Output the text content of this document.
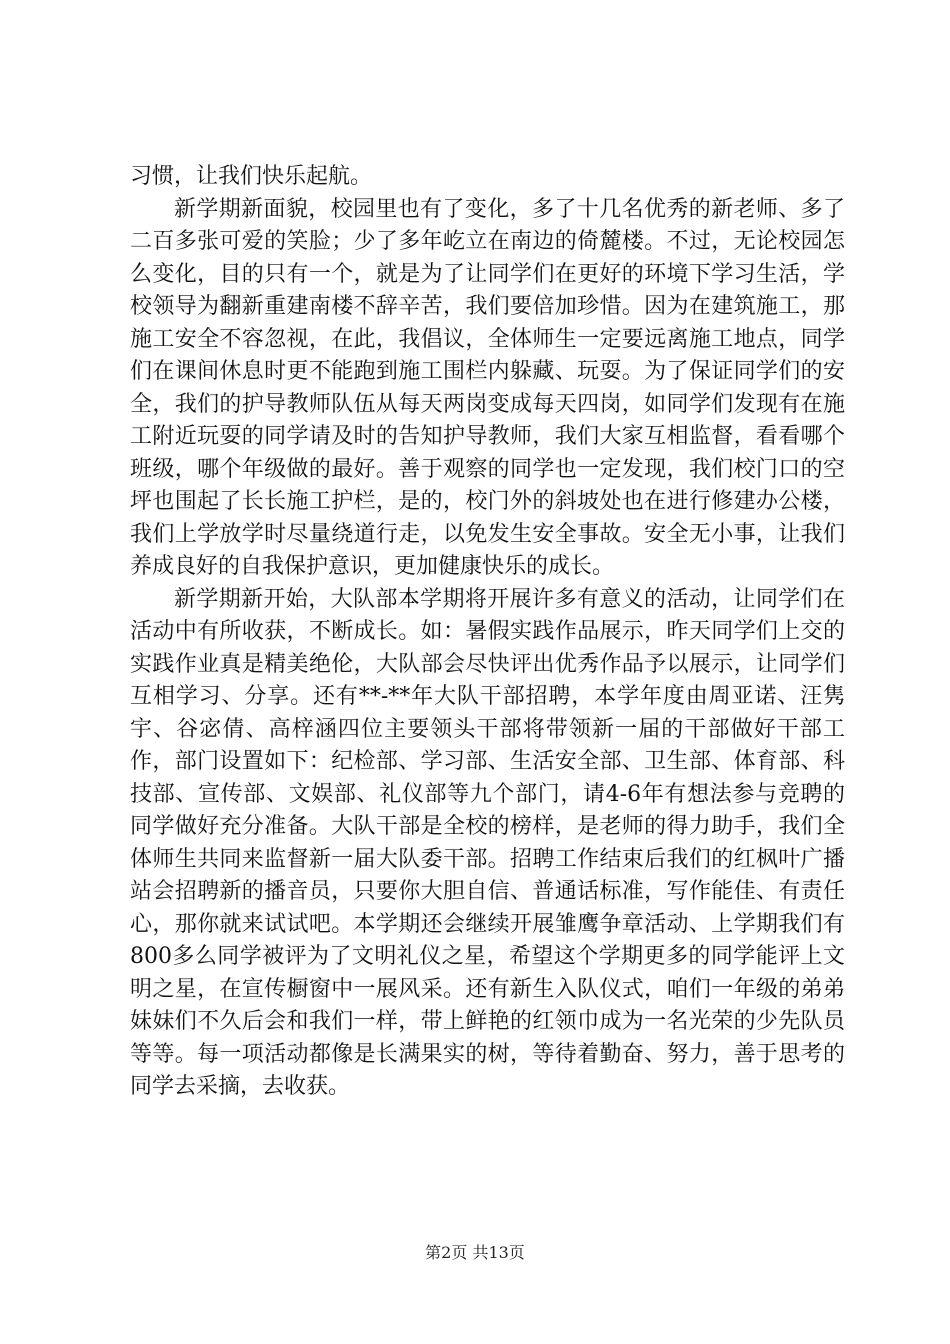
习惯，让我们快乐起航。

新学期新面貌，校园里也有了变化，多了十几名优秀的新老师、多了二百多张可爱的笑脸；少了多年屹立在南边的倚麓楼。不过，无论校园怎么变化，目的只有一个，就是为了让同学们在更好的环境下学习生活，学校领导为翻新重建南楼不辞辛苦，我们要倍加珍惜。因为在建筑施工，那施工安全不容忽视，在此，我倡议，全体师生一定要远离施工地点，同学们在课间休息时更不能跑到施工围栏内躲藏、玩耍。为了保证同学们的安全，我们的护导教师队伍从每天两岗变成每天四岗，如同学们发现有在施工附近玩耍的同学请及时的告知护导教师，我们大家互相监督，看看哪个班级，哪个年级做的最好。善于观察的同学也一定发现，我们校门口的空坪也围起了长长施工护栏，是的，校门外的斜坡处也在进行修建办公楼，我们上学放学时尽量绕道行走，以免发生安全事故。安全无小事，让我们养成良好的自我保护意识，更加健康快乐的成长。

新学期新开始，大队部本学期将开展许多有意义的活动，让同学们在活动中有所收获，不断成长。如：暑假实践作品展示，昨天同学们上交的实践作业真是精美绝伦，大队部会尽快评出优秀作品予以展示，让同学们互相学习、分享。还有**-**年大队干部招聘，本学年度由周亚诺、汪隽宇、谷宓倩、高梓涵四位主要领头干部将带领新一届的干部做好干部工作，部门设置如下：纪检部、学习部、生活安全部、卫生部、体育部、科技部、宣传部、文娱部、礼仪部等九个部门，请4-6年有想法参与竞聘的同学做好充分准备。大队干部是全校的榜样，是老师的得力助手，我们全体师生共同来监督新一届大队委干部。招聘工作结束后我们的红枫叶广播站会招聘新的播音员，只要你大胆自信、普通话标准，写作能佳、有责任心，那你就来试试吧。本学期还会继续开展雏鹰争章活动、上学期我们有800多么同学被评为了文明礼仪之星，希望这个学期更多的同学能评上文明之星，在宣传橱窗中一展风采。还有新生入队仪式，咱们一年级的弟弟妹妹们不久后会和我们一样，带上鲜艳的红领巾成为一名光荣的少先队员等等。每一项活动都像是长满果实的树，等待着勤奋、努力，善于思考的同学去采摘，去收获。

第2页 共13页
